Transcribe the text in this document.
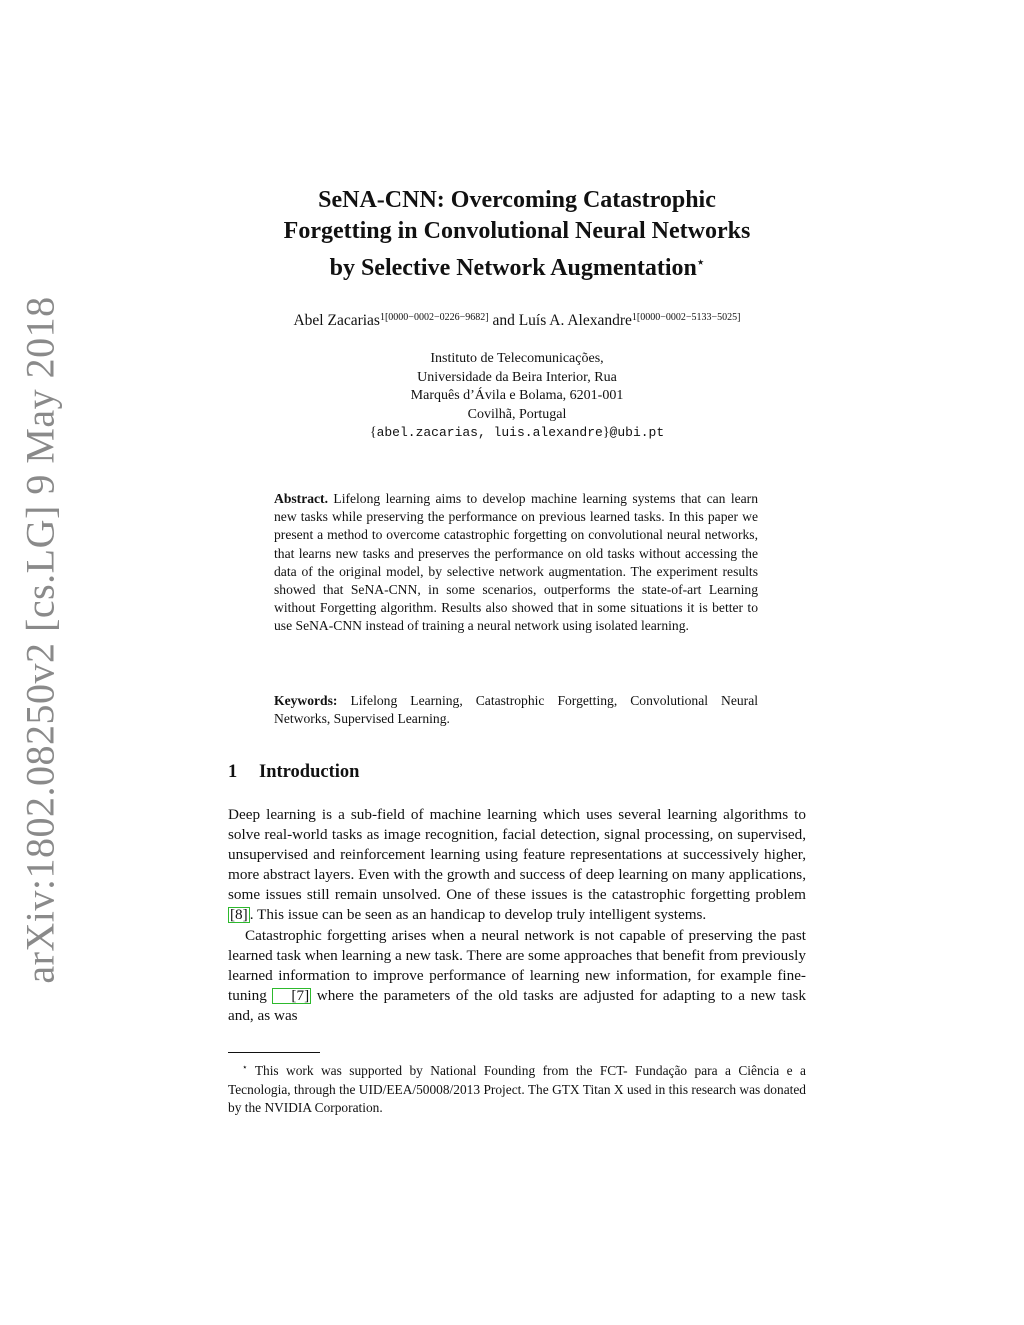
arXiv:1802.08250v2 [cs.LG] 9 May 2018
SeNA-CNN: Overcoming Catastrophic
Forgetting in Convolutional Neural Networks
by Selective Network Augmentation⋆
Abel Zacarias$^{1[0000-0002-0226-9682]}$ and Luís A. Alexandre$^{1[0000-0002-5133-5025]}$
Instituto de Telecomunicações,
Universidade da Beira Interior, Rua
Marquês d’Ávila e Bolama, 6201-001
Covilhã, Portugal
{abel.zacarias, luis.alexandre}@ubi.pt
Abstract. Lifelong learning aims to develop machine learning systems that can learn new tasks while preserving the performance on previous learned tasks. In this paper we present a method to overcome catastrophic forgetting on convolutional neural networks, that learns new tasks and preserves the performance on old tasks without accessing the data of the original model, by selective network augmentation. The experiment results showed that SeNA-CNN, in some scenarios, outperforms the state-of-art Learning without Forgetting algorithm. Results also showed that in some situations it is better to use SeNA-CNN instead of training a neural network using isolated learning.
Keywords: Lifelong Learning, Catastrophic Forgetting, Convolutional Neural Networks, Supervised Learning.
1 Introduction

Deep learning is a sub-field of machine learning which uses several learning algorithms to solve real-world tasks as image recognition, facial detection, signal processing, on supervised, unsupervised and reinforcement learning using feature representations at successively higher, more abstract layers. Even with the growth and success of deep learning on many applications, some issues still remain unsolved. One of these issues is the catastrophic forgetting problem [8] . This issue can be seen as an handicap to develop truly intelligent systems.

Catastrophic forgetting arises when a neural network is not capable of preserving the past learned task when learning a new task. There are some approaches that benefit from previously learned information to improve performance of learning new information, for example fine-tuning [7] where the parameters of the old tasks are adjusted for adapting to a new task and, as was

⋆ This work was supported by National Founding from the FCT- Fundação para a Ciência e a Tecnologia, through the UID/EEA/50008/2013 Project. The GTX Titan X used in this research was donated by the NVIDIA Corporation.
